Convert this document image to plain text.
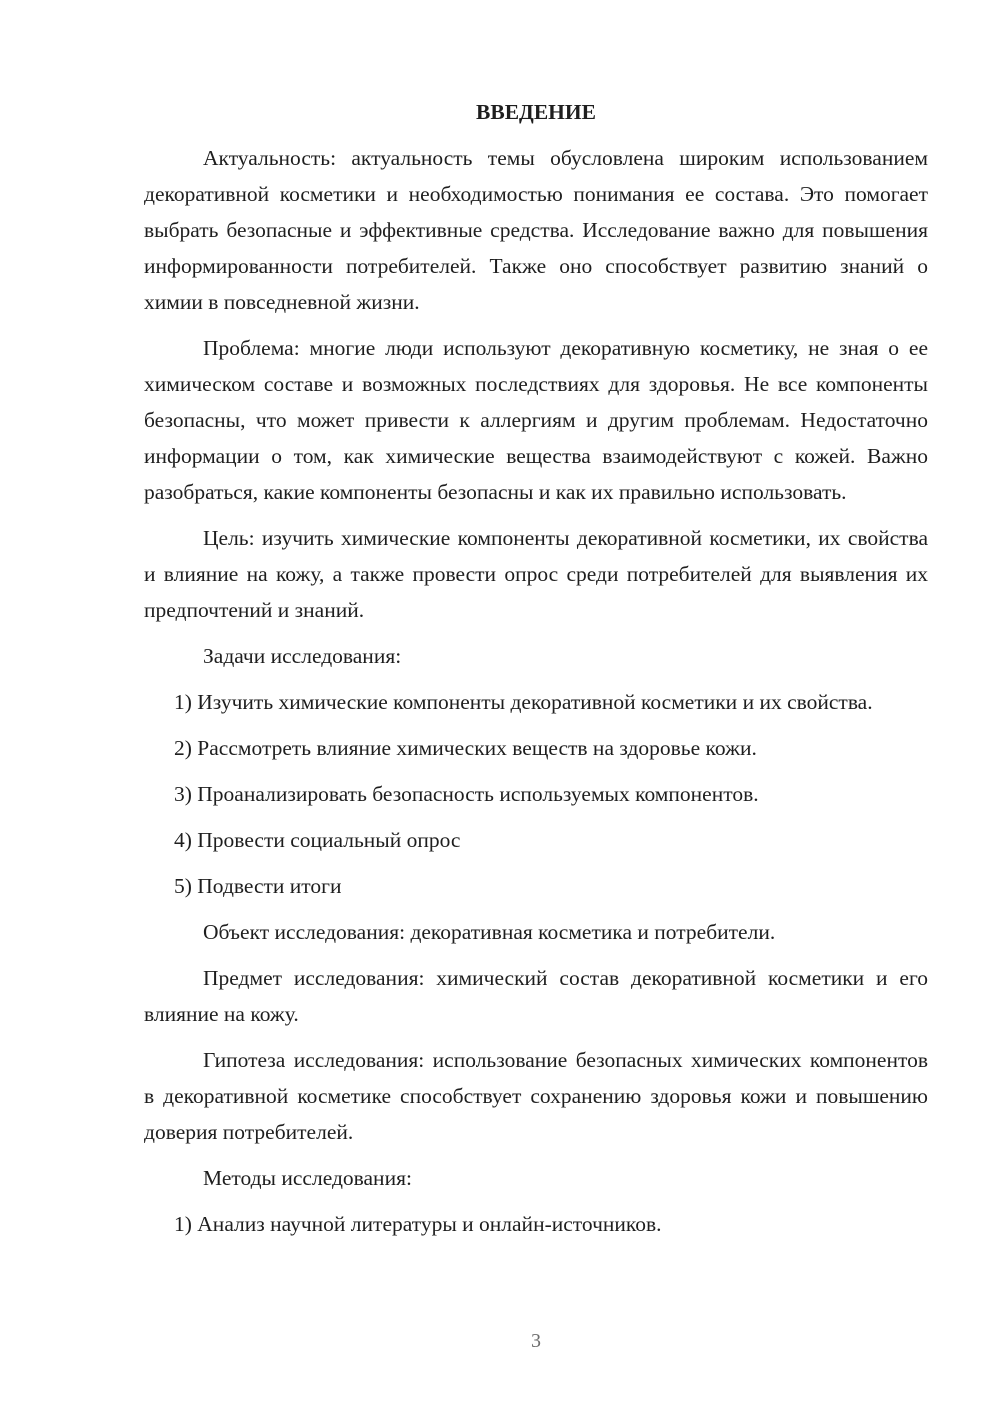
ВВЕДЕНИЕ

Актуальность: актуальность темы обусловлена широким использованием декоративной косметики и необходимостью понимания ее состава. Это помогает выбрать безопасные и эффективные средства. Исследование важно для повышения информированности потребителей. Также оно способствует развитию знаний о химии в повседневной жизни.

Проблема: многие люди используют декоративную косметику, не зная о ее химическом составе и возможных последствиях для здоровья. Не все компоненты безопасны, что может привести к аллергиям и другим проблемам. Недостаточно информации о том, как химические вещества взаимодействуют с кожей. Важно разобраться, какие компоненты безопасны и как их правильно использовать.

Цель: изучить химические компоненты декоративной косметики, их свойства и влияние на кожу, а также провести опрос среди потребителей для выявления их предпочтений и знаний.

Задачи исследования:

1) Изучить химические компоненты декоративной косметики и их свойства.

2) Рассмотреть влияние химических веществ на здоровье кожи.

3) Проанализировать безопасность используемых компонентов.

4) Провести социальный опрос

5) Подвести итоги

Объект исследования: декоративная косметика и потребители.

Предмет исследования: химический состав декоративной косметики и его влияние на кожу.

Гипотеза исследования: использование безопасных химических компонентов в декоративной косметике способствует сохранению здоровья кожи и повышению доверия потребителей.

Методы исследования:

1) Анализ научной литературы и онлайн-источников.

3
